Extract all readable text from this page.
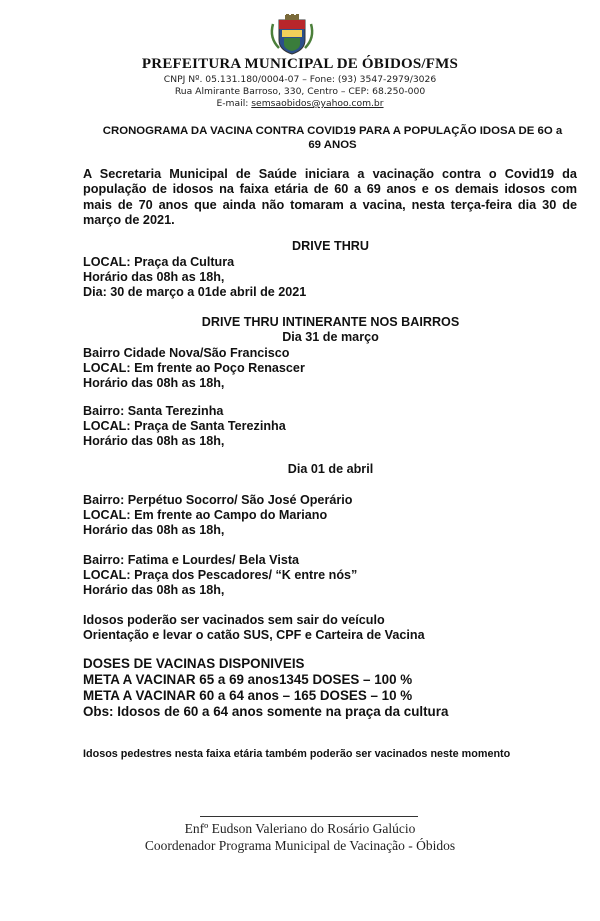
PREFEITURA MUNICIPAL DE ÓBIDOS/FMS
CNPJ Nº. 05.131.180/0004-07 – Fone: (93) 3547-2979/3026
Rua Almirante Barroso, 330, Centro – CEP: 68.250-000
E-mail: semsaobidos@yahoo.com.br
CRONOGRAMA DA VACINA CONTRA COVID19 PARA A POPULAÇÃO IDOSA DE 6O a
69 ANOS
A Secretaria Municipal de Saúde iniciara a vacinação contra o Covid19 da população de idosos na faixa etária de 60 a 69 anos e os demais idosos com mais de 70 anos que ainda não tomaram a vacina, nesta terça-feira dia 30 de março de 2021.
DRIVE THRU
LOCAL: Praça da Cultura
Horário das 08h as 18h,
Dia: 30 de março a 01de abril de 2021
DRIVE THRU INTINERANTE NOS BAIRROS
Dia 31 de março
Bairro Cidade Nova/São Francisco
LOCAL: Em frente ao Poço Renascer
Horário das 08h as 18h,
Bairro: Santa Terezinha
LOCAL: Praça de Santa Terezinha
Horário das 08h as 18h,
Dia 01 de abril
Bairro: Perpétuo Socorro/ São José Operário
LOCAL: Em frente ao Campo do Mariano
Horário das 08h as 18h,
Bairro: Fatima e Lourdes/ Bela Vista
LOCAL: Praça dos Pescadores/ “K entre nós”
Horário das 08h as 18h,
Idosos poderão ser vacinados sem sair do veículo
Orientação e levar o catão SUS, CPF e Carteira de Vacina
DOSES DE VACINAS DISPONIVEIS
META A VACINAR 65 a 69 anos1345 DOSES – 100 %
META A VACINAR 60 a 64 anos – 165 DOSES – 10 %
Obs: Idosos de 60 a 64 anos somente na praça da cultura
Idosos pedestres nesta faixa etária também poderão ser vacinados neste momento
Enfº Eudson Valeriano do Rosário Galúcio
Coordenador Programa Municipal de Vacinação - Óbidos
